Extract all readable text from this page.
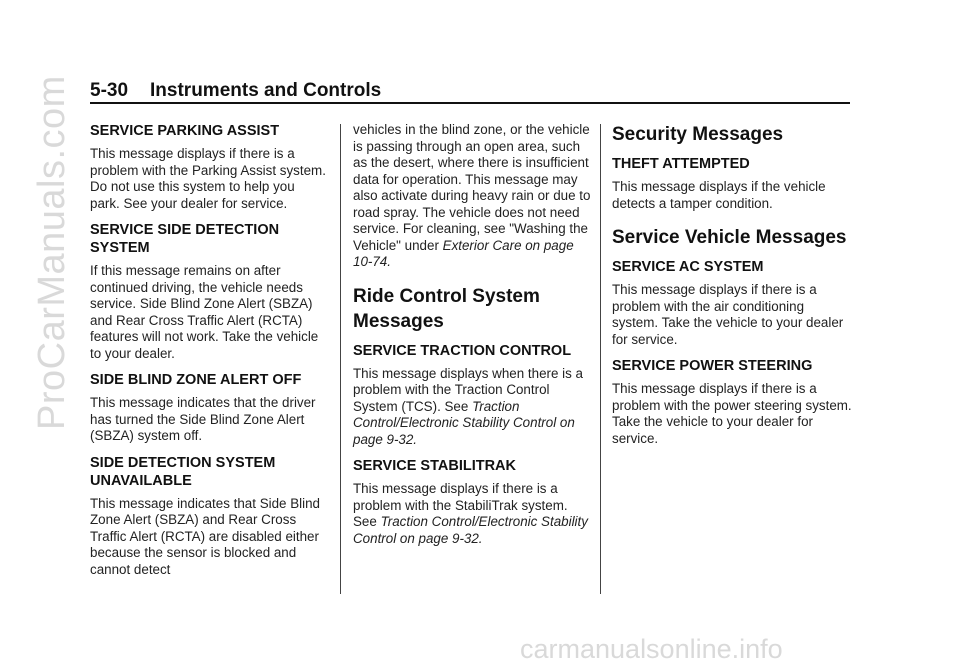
ProCarManuals.com
carmanualsonline.info
5-30 Instruments and Controls
SERVICE PARKING ASSIST

This message displays if there is a problem with the Parking Assist system. Do not use this system to help you park. See your dealer for service.

SERVICE SIDE DETECTION SYSTEM

If this message remains on after continued driving, the vehicle needs service. Side Blind Zone Alert (SBZA) and Rear Cross Traffic Alert (RCTA) features will not work. Take the vehicle to your dealer.

SIDE BLIND ZONE ALERT OFF

This message indicates that the driver has turned the Side Blind Zone Alert (SBZA) system off.

SIDE DETECTION SYSTEM UNAVAILABLE

This message indicates that Side Blind Zone Alert (SBZA) and Rear Cross Traffic Alert (RCTA) are disabled either because the sensor is blocked and cannot detect

vehicles in the blind zone, or the vehicle is passing through an open area, such as the desert, where there is insufficient data for operation. This message may also activate during heavy rain or due to road spray. The vehicle does not need service. For cleaning, see "Washing the Vehicle" under Exterior Care on page 10-74.

Ride Control System Messages
SERVICE TRACTION CONTROL

This message displays when there is a problem with the Traction Control System (TCS). See Traction Control/Electronic Stability Control on page 9-32.

SERVICE STABILITRAK

This message displays if there is a problem with the StabiliTrak system. See Traction Control/Electronic Stability Control on page 9-32.

Security Messages
THEFT ATTEMPTED

This message displays if the vehicle detects a tamper condition.

Service Vehicle Messages
SERVICE AC SYSTEM

This message displays if there is a problem with the air conditioning system. Take the vehicle to your dealer for service.

SERVICE POWER STEERING

This message displays if there is a problem with the power steering system. Take the vehicle to your dealer for service.
